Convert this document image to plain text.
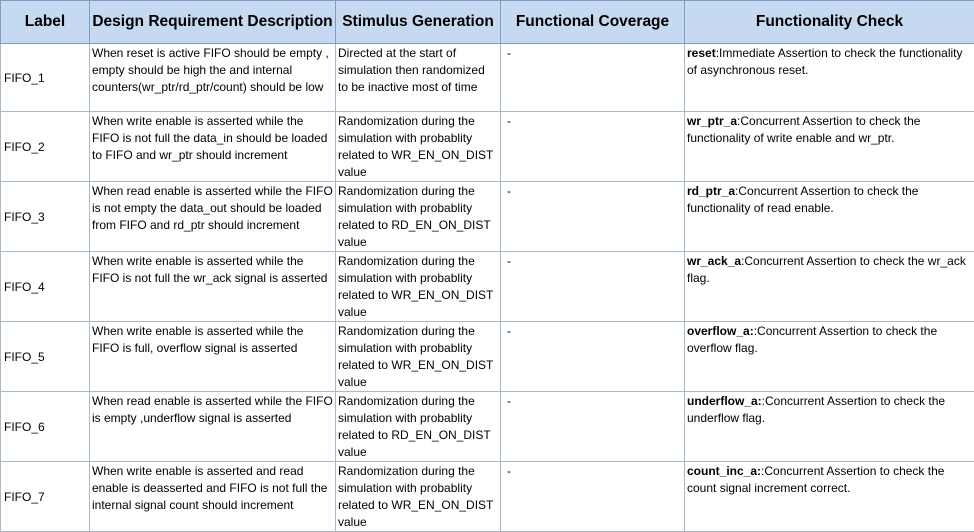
Label	Design Requirement Description	Stimulus Generation	Functional Coverage	Functionality Check
FIFO_1	When reset is active FIFO should be empty , empty should be high the and internal counters(wr_ptr/rd_ptr/count) should be low	Directed at the start of simulation then randomized to be inactive most of time	-	reset:Immediate Assertion to check the functionality of asynchronous reset.
FIFO_2	When write enable is asserted while the FIFO is not full the data_in should be loaded to FIFO and wr_ptr should increment	Randomization during the simulation with probablity related to WR_EN_ON_DIST value	-	wr_ptr_a:Concurrent Assertion to check the functionality of write enable and wr_ptr.
FIFO_3	When read enable is asserted while the FIFO is not empty the data_out should be loaded from FIFO and rd_ptr should increment	Randomization during the simulation with probablity related to RD_EN_ON_DIST value	-	rd_ptr_a:Concurrent Assertion to check the functionality of read enable.
FIFO_4	When write enable is asserted while the FIFO is not full the wr_ack signal is asserted	Randomization during the simulation with probablity related to WR_EN_ON_DIST value	-	wr_ack_a:Concurrent Assertion to check the wr_ack flag.
FIFO_5	When write enable is asserted while the FIFO is full, overflow signal is asserted	Randomization during the simulation with probablity related to WR_EN_ON_DIST value	-	overflow_a::Concurrent Assertion to check the overflow flag.
FIFO_6	When read enable is asserted while the FIFO is empty ,underflow signal is asserted	Randomization during the simulation with probablity related to RD_EN_ON_DIST value	-	underflow_a::Concurrent Assertion to check the underflow flag.
FIFO_7	When write enable is asserted and read enable is deasserted and FIFO is not full the internal signal count should increment	Randomization during the simulation with probablity related to WR_EN_ON_DIST value	-	count_inc_a::Concurrent Assertion to check the count signal increment correct.
